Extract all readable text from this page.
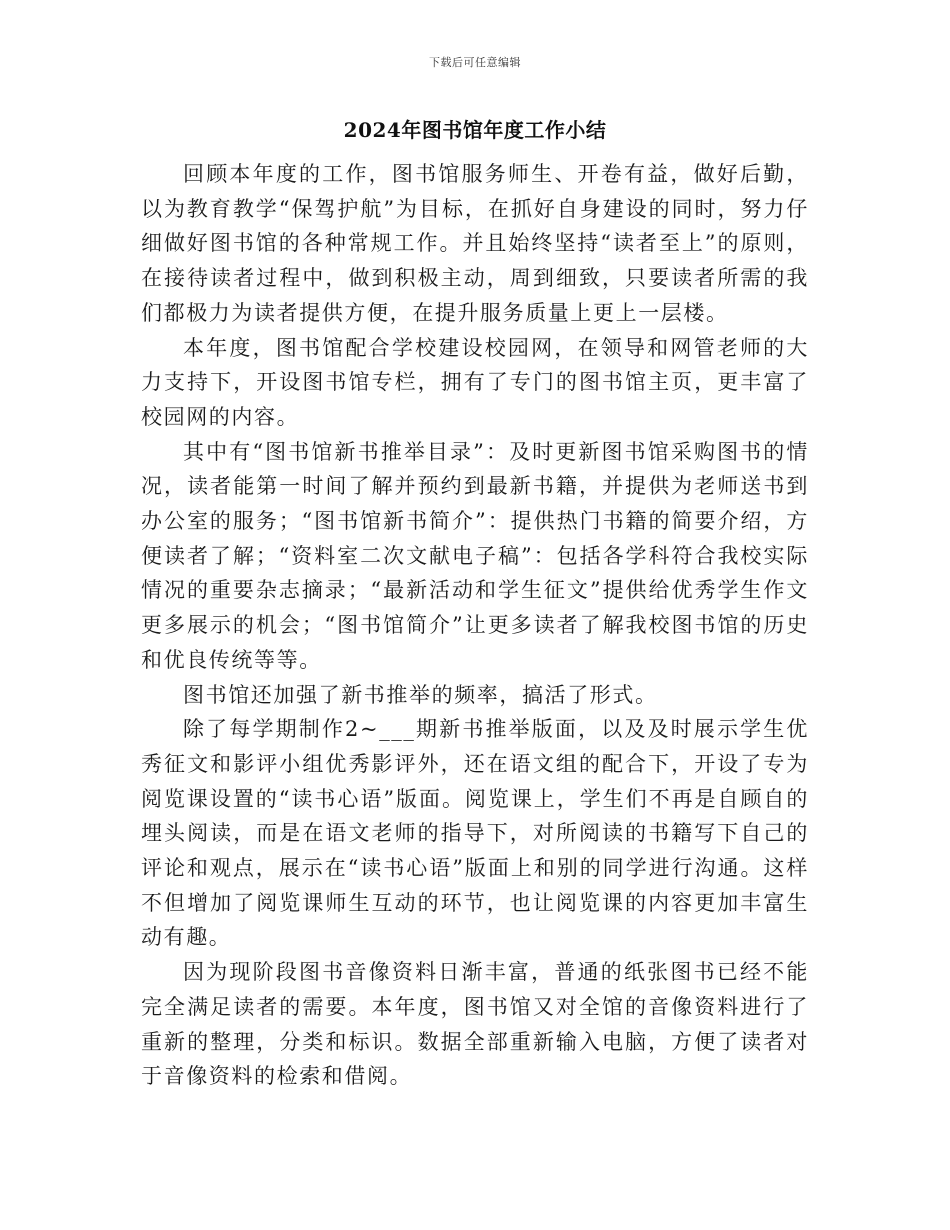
下载后可任意编辑
2024年图书馆年度工作小结

回顾本年度的工作，图书馆服务师生、开卷有益，做好后勤，以为教育教学“保驾护航”为目标，在抓好自身建设的同时，努力仔细做好图书馆的各种常规工作。并且始终坚持“读者至上”的原则，在接待读者过程中，做到积极主动，周到细致，只要读者所需的我们都极力为读者提供方便，在提升服务质量上更上一层楼。

本年度，图书馆配合学校建设校园网，在领导和网管老师的大力支持下，开设图书馆专栏，拥有了专门的图书馆主页，更丰富了校园网的内容。

其中有“图书馆新书推举目录”：及时更新图书馆采购图书的情况，读者能第一时间了解并预约到最新书籍，并提供为老师送书到办公室的服务；“图书馆新书简介”：提供热门书籍的简要介绍，方便读者了解；“资料室二次文献电子稿”：包括各学科符合我校实际情况的重要杂志摘录；“最新活动和学生征文”提供给优秀学生作文更多展示的机会；“图书馆简介”让更多读者了解我校图书馆的历史和优良传统等等。

图书馆还加强了新书推举的频率，搞活了形式。

除了每学期制作2~___期新书推举版面，以及及时展示学生优秀征文和影评小组优秀影评外，还在语文组的配合下，开设了专为阅览课设置的“读书心语”版面。阅览课上，学生们不再是自顾自的埋头阅读，而是在语文老师的指导下，对所阅读的书籍写下自己的评论和观点，展示在“读书心语”版面上和别的同学进行沟通。这样不但增加了阅览课师生互动的环节，也让阅览课的内容更加丰富生动有趣。

因为现阶段图书音像资料日渐丰富，普通的纸张图书已经不能完全满足读者的需要。本年度，图书馆又对全馆的音像资料进行了重新的整理，分类和标识。数据全部重新输入电脑，方便了读者对于音像资料的检索和借阅。
